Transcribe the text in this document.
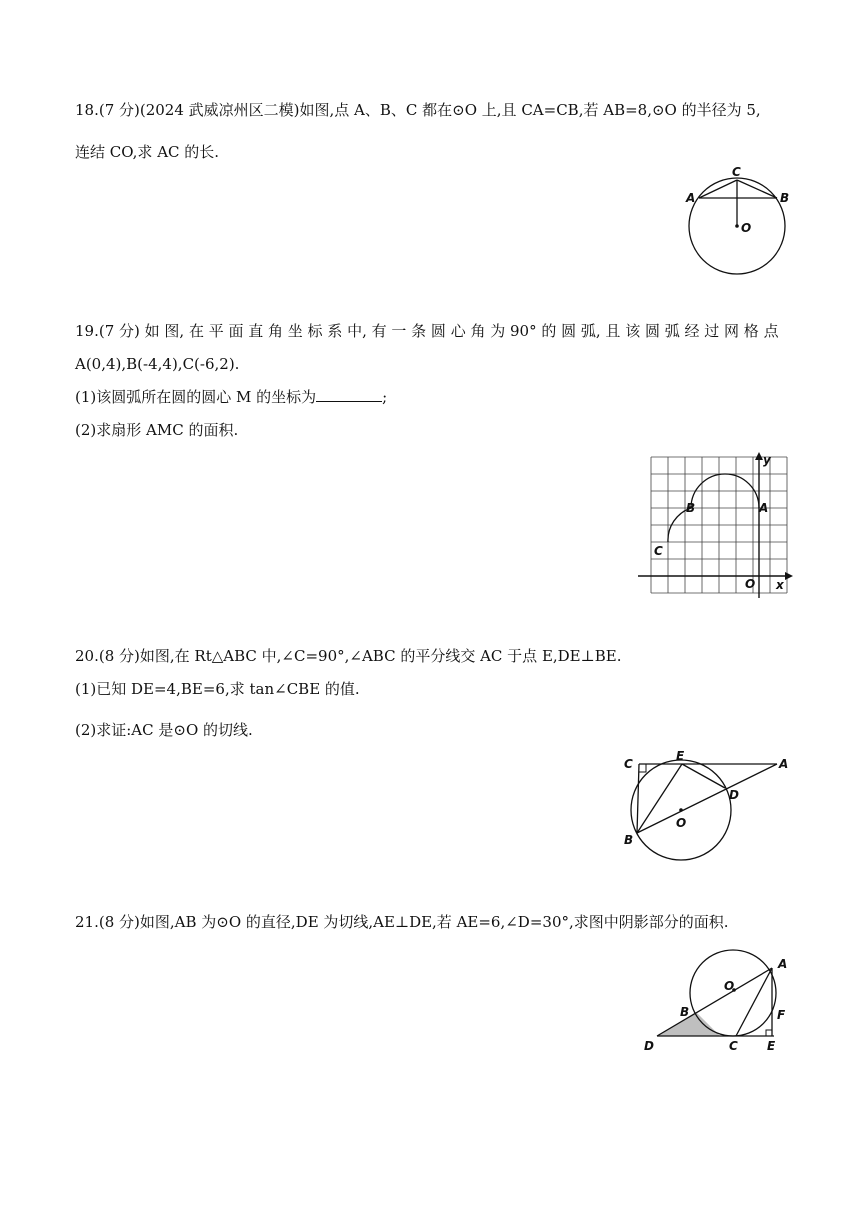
18.(7 分)(2024 武威凉州区二模)如图,点 A、B、C 都在⊙O 上,且 CA=CB,若 AB=8,⊙O 的半径为 5,
连结 CO,求 AC 的长.
A	B
C
O
19.(7 分) 如 图, 在 平 面 直 角 坐 标 系 中, 有 一 条 圆 心 角 为 90° 的 圆 弧, 且 该 圆 弧 经 过 网 格 点
A(0,4),B(-4,4),C(-6,2).
(1)该圆弧所在圆的圆心 M 的坐标为	;
(2)求扇形 AMC 的面积.
y
x
A
B
C
O
20.(8 分)如图,在 Rt△ABC 中,∠C=90°,∠ABC 的平分线交 AC 于点 E,DE⊥BE.
(1)已知 DE=4,BE=6,求 tan∠CBE 的值.
(2)求证:AC 是⊙O 的切线.
C
E
A
D
O
B
21.(8 分)如图,AB 为⊙O 的直径,DE 为切线,AE⊥DE,若 AE=6,∠D=30°,求图中阴影部分的面积.
A
O
B	F
D	C E
